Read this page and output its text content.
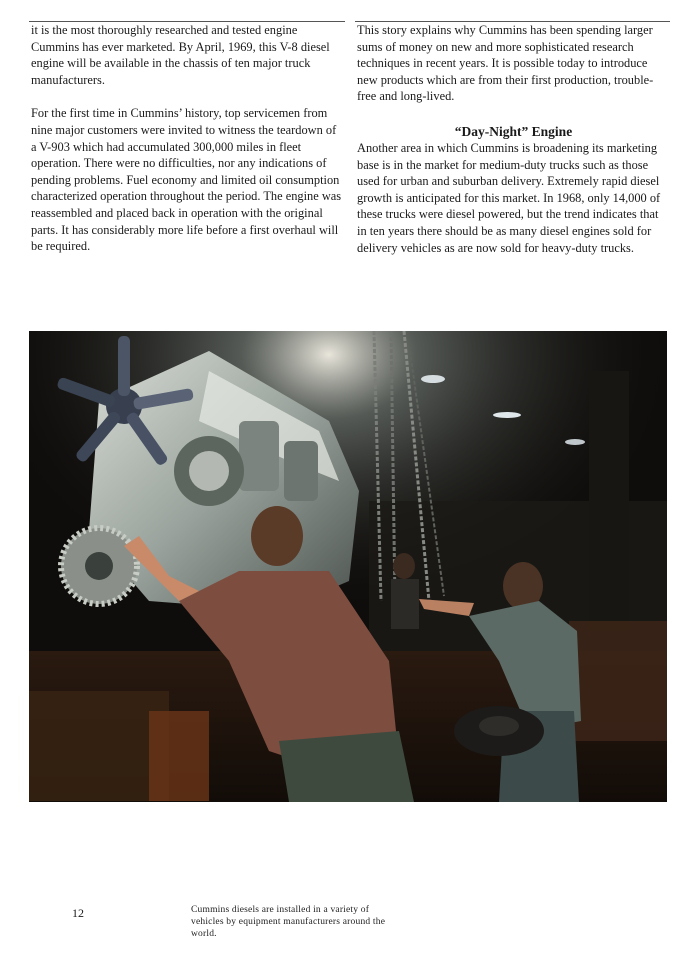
it is the most thoroughly researched and tested engine Cummins has ever marketed. By April, 1969, this V-8 diesel engine will be available in the chassis of ten major truck manufacturers.

For the first time in Cummins’ history, top servicemen from nine major customers were invited to witness the teardown of a V-903 which had accumulated 300,000 miles in fleet operation. There were no difficulties, nor any indications of pending problems. Fuel economy and limited oil consumption characterized operation throughout the period. The engine was reassembled and placed back in operation with the original parts. It has considerably more life before a first overhaul will be required.

This story explains why Cummins has been spending larger sums of money on new and more sophisticated research techniques in recent years. It is possible today to introduce new products which are from their first production, trouble-free and long-lived.

“Day-Night” Engine

Another area in which Cummins is broadening its marketing base is in the market for medium-duty trucks such as those used for urban and suburban delivery. Extremely rapid diesel growth is anticipated for this market. In 1968, only 14,000 of these trucks were diesel powered, but the trend indicates that in ten years there should be as many diesel engines sold for delivery vehicles as are now sold for heavy-duty trucks.

12	Cummins diesels are installed in a variety of vehicles by equipment manufacturers around the world.
